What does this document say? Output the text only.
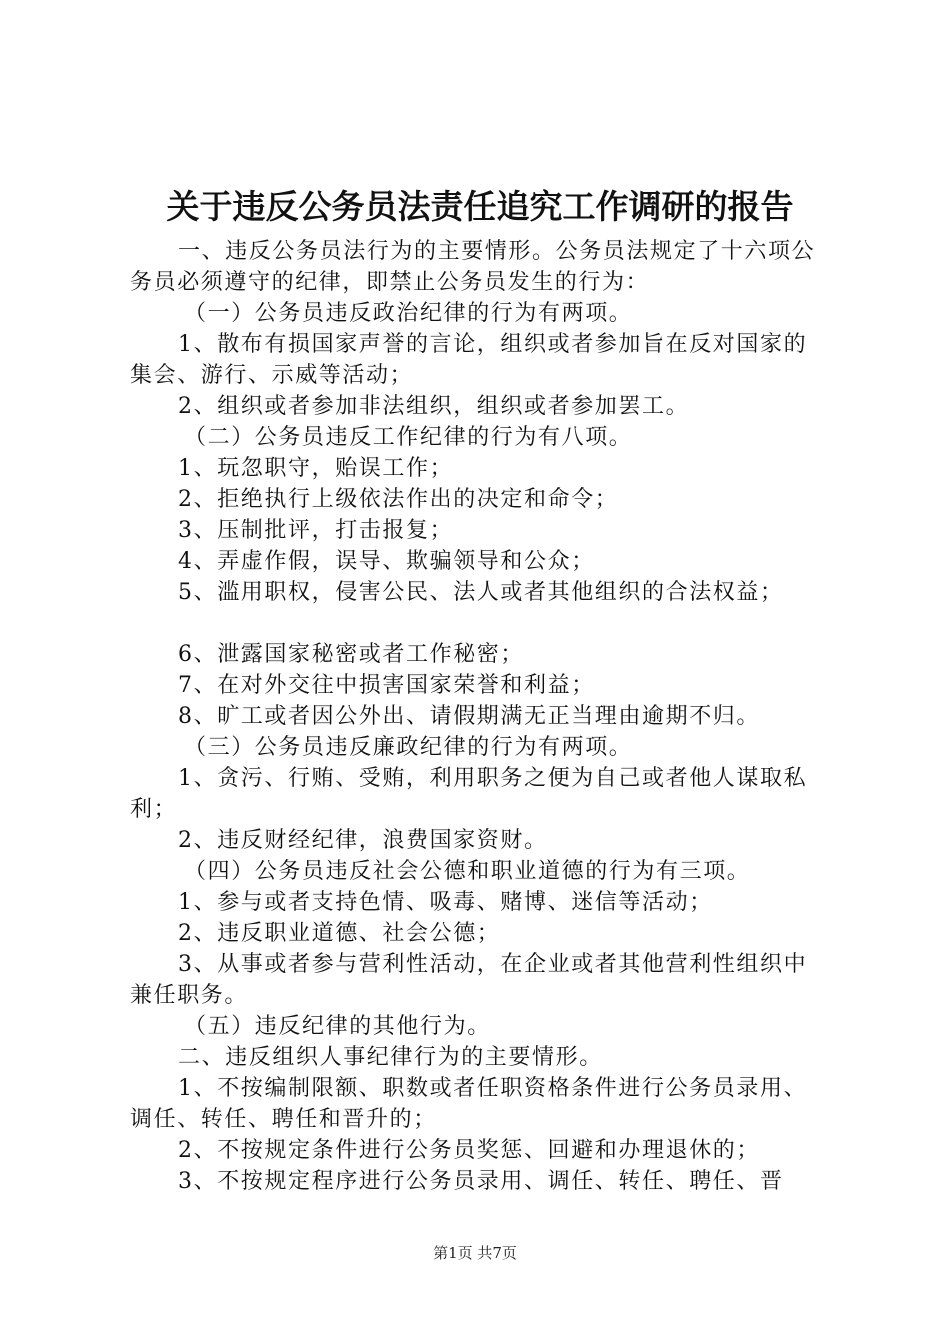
关于违反公务员法责任追究工作调研的报告

一、违反公务员法行为的主要情形。公务员法规定了十六项公务员必须遵守的纪律，即禁止公务员发生的行为：

（一）公务员违反政治纪律的行为有两项。

1、散布有损国家声誉的言论，组织或者参加旨在反对国家的集会、游行、示威等活动；

2、组织或者参加非法组织，组织或者参加罢工。

（二）公务员违反工作纪律的行为有八项。

1、玩忽职守，贻误工作；

2、拒绝执行上级依法作出的决定和命令；

3、压制批评，打击报复；

4、弄虚作假，误导、欺骗领导和公众；

5、滥用职权，侵害公民、法人或者其他组织的合法权益；

6、泄露国家秘密或者工作秘密；

7、在对外交往中损害国家荣誉和利益；

8、旷工或者因公外出、请假期满无正当理由逾期不归。

（三）公务员违反廉政纪律的行为有两项。

1、贪污、行贿、受贿，利用职务之便为自己或者他人谋取私利；

2、违反财经纪律，浪费国家资财。

（四）公务员违反社会公德和职业道德的行为有三项。

1、参与或者支持色情、吸毒、赌博、迷信等活动；

2、违反职业道德、社会公德；

3、从事或者参与营利性活动，在企业或者其他营利性组织中兼任职务。

（五）违反纪律的其他行为。

二、违反组织人事纪律行为的主要情形。

1、不按编制限额、职数或者任职资格条件进行公务员录用、调任、转任、聘任和晋升的；

2、不按规定条件进行公务员奖惩、回避和办理退休的；

3、不按规定程序进行公务员录用、调任、转任、聘任、晋

第1页 共7页
